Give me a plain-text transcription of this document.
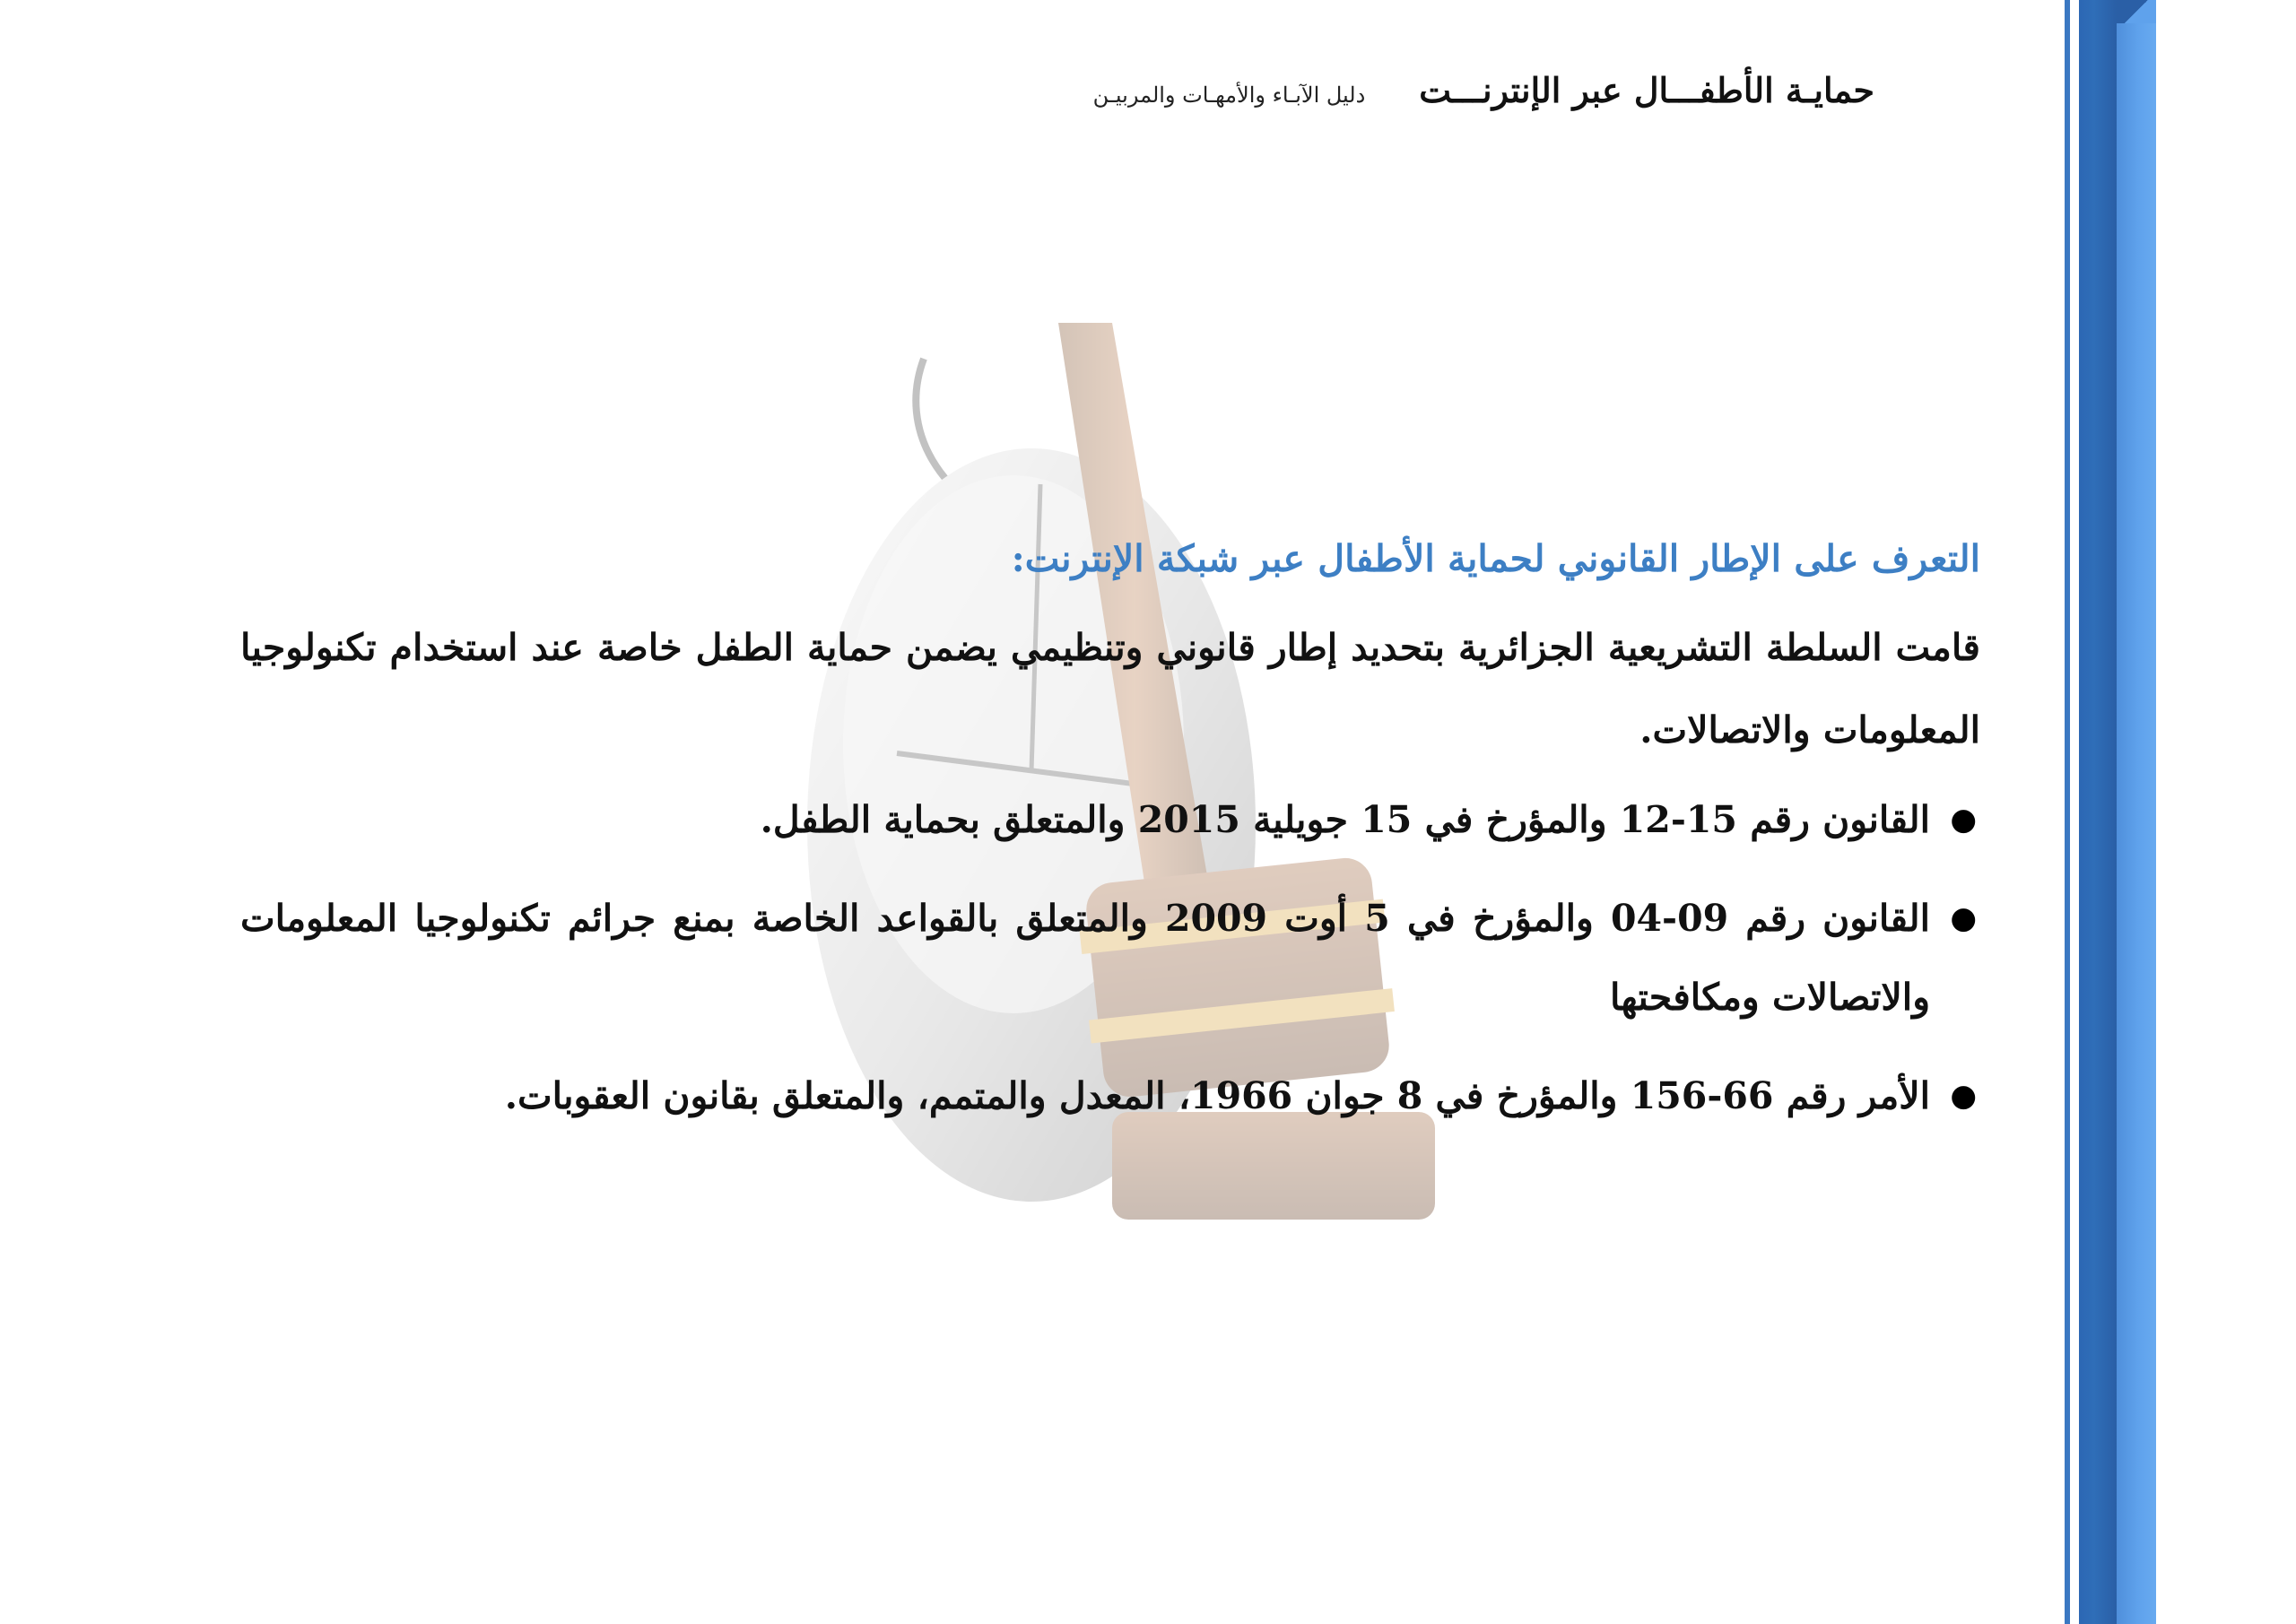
حمايـة الأطفـــال عبر الإنترنـــت
دليل الآبـاء والأمهـات والمربيـن
التعرف على الإطار القانوني لحماية الأطفال عبر شبكة الإنترنت:

قامت السلطة التشريعية الجزائرية بتحديد إطار قانوني وتنظيمي يضمن حماية الطفل خاصة عند استخدام تكنولوجيا المعلومات والاتصالات.

●
القانون رقم 15-12 والمؤرخ في 15 جويلية 2015 والمتعلق بحماية الطفل.
●
القانون رقم 09-04 والمؤرخ في 5 أوت 2009 والمتعلق بالقواعد الخاصة بمنع جرائم تكنولوجيا المعلومات والاتصالات ومكافحتها
●
الأمر رقم 66-156 والمؤرخ في 8 جوان 1966، المعدل والمتمم، والمتعلق بقانون العقوبات.
